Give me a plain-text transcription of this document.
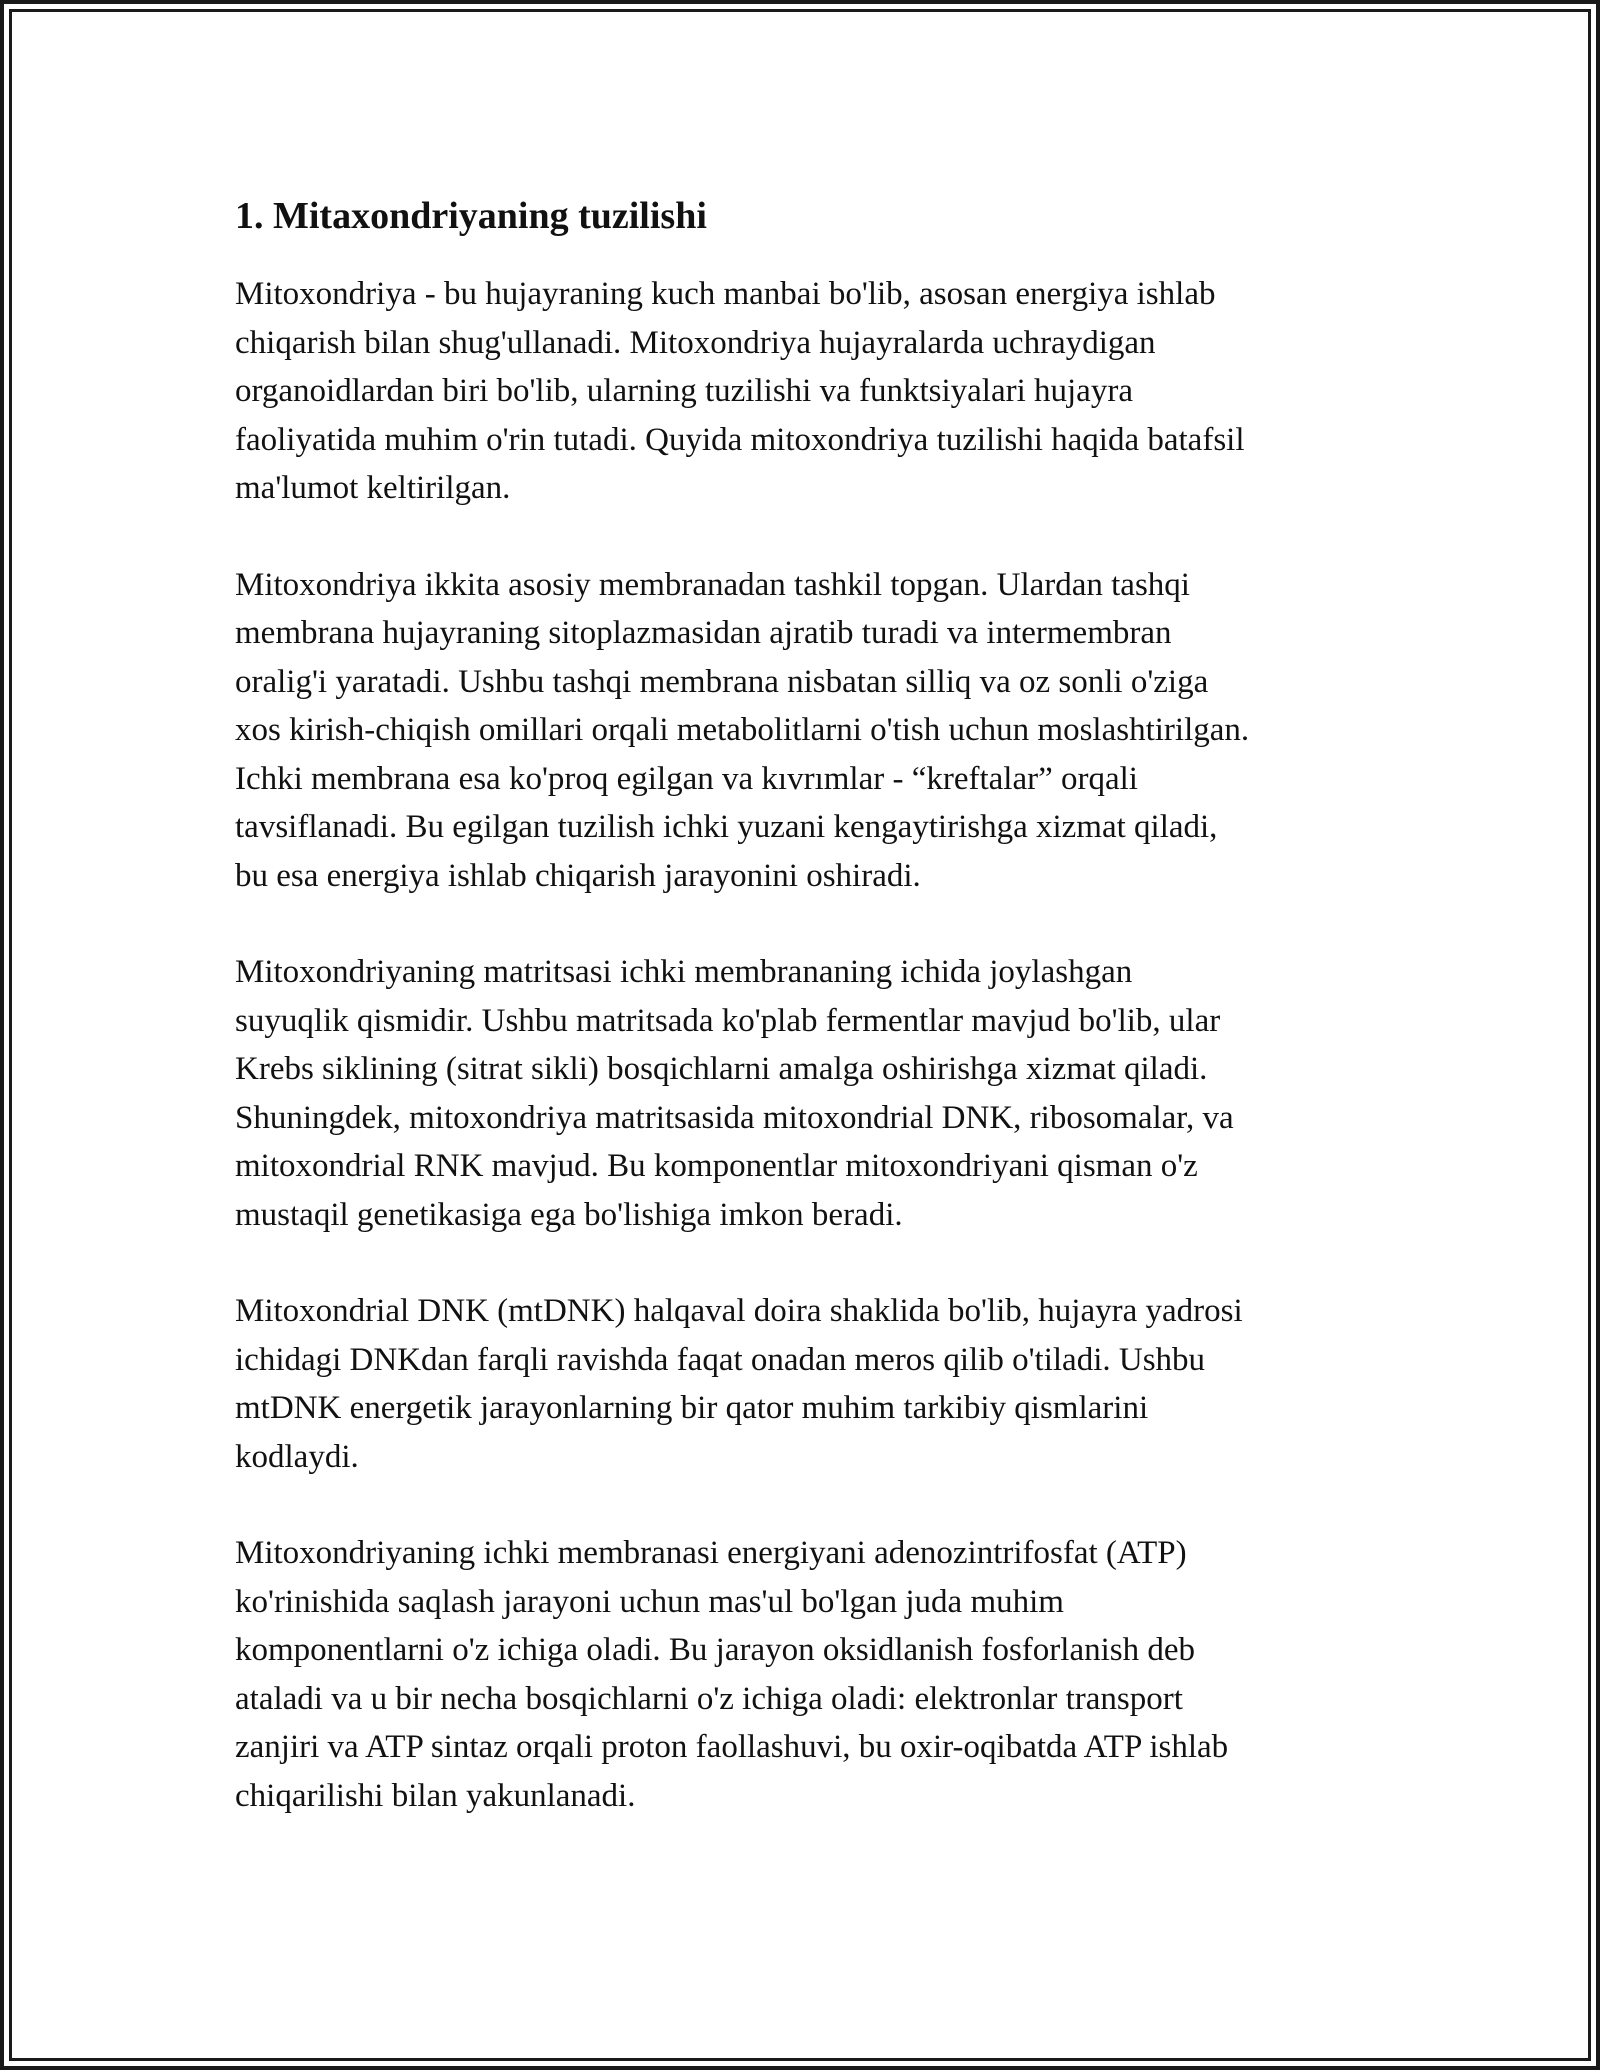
1. Mitaxondriyaning tuzilishi

Mitoxondriya - bu hujayraning kuch manbai bo'lib, asosan energiya ishlab
chiqarish bilan shug'ullanadi. Mitoxondriya hujayralarda uchraydigan
organoidlardan biri bo'lib, ularning tuzilishi va funktsiyalari hujayra
faoliyatida muhim o'rin tutadi. Quyida mitoxondriya tuzilishi haqida batafsil
ma'lumot keltirilgan.

Mitoxondriya ikkita asosiy membranadan tashkil topgan. Ulardan tashqi
membrana hujayraning sitoplazmasidan ajratib turadi va intermembran
oralig'i yaratadi. Ushbu tashqi membrana nisbatan silliq va oz sonli o'ziga
xos kirish-chiqish omillari orqali metabolitlarni o'tish uchun moslashtirilgan.
Ichki membrana esa ko'proq egilgan va kıvrımlar - “kreftalar” orqali
tavsiflanadi. Bu egilgan tuzilish ichki yuzani kengaytirishga xizmat qiladi,
bu esa energiya ishlab chiqarish jarayonini oshiradi.

Mitoxondriyaning matritsasi ichki membrananing ichida joylashgan
suyuqlik qismidir. Ushbu matritsada ko'plab fermentlar mavjud bo'lib, ular
Krebs siklining (sitrat sikli) bosqichlarni amalga oshirishga xizmat qiladi.
Shuningdek, mitoxondriya matritsasida mitoxondrial DNK, ribosomalar, va
mitoxondrial RNK mavjud. Bu komponentlar mitoxondriyani qisman o'z
mustaqil genetikasiga ega bo'lishiga imkon beradi.

Mitoxondrial DNK (mtDNK) halqaval doira shaklida bo'lib, hujayra yadrosi
ichidagi DNKdan farqli ravishda faqat onadan meros qilib o'tiladi. Ushbu
mtDNK energetik jarayonlarning bir qator muhim tarkibiy qismlarini
kodlaydi.

Mitoxondriyaning ichki membranasi energiyani adenozintrifosfat (ATP)
ko'rinishida saqlash jarayoni uchun mas'ul bo'lgan juda muhim
komponentlarni o'z ichiga oladi. Bu jarayon oksidlanish fosforlanish deb
ataladi va u bir necha bosqichlarni o'z ichiga oladi: elektronlar transport
zanjiri va ATP sintaz orqali proton faollashuvi, bu oxir-oqibatda ATP ishlab
chiqarilishi bilan yakunlanadi.
